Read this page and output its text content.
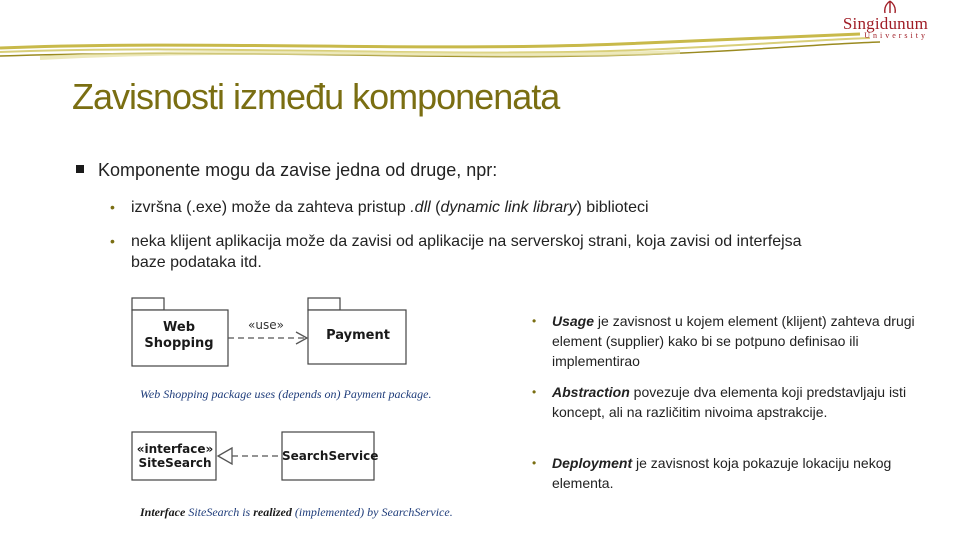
Singidunum
University
Zavisnosti između komponenata
Komponente mogu da zavise jedna od druge, npr:
• izvršna (.exe) može da zahteva pristup .dll (dynamic link library) biblioteci
• neka klijent aplikacija može da zavisi od aplikacije na serverskoj strani, koja zavisi od interfejsa baze podataka itd.
Web
Shopping
Payment
«use»
Web Shopping package uses (depends on) Payment package.
«interface»
SiteSearch	SearchService
Interface SiteSearch is realized (implemented) by SearchService.
• Usage je zavisnost u kojem element (klijent) zahteva drugi element (supplier) kako bi se potpuno definisao ili implementirao
• Abstraction povezuje dva elementa koji predstavljaju isti koncept, ali na različitim nivoima apstrakcije.
• Deployment je zavisnost koja pokazuje lokaciju nekog elementa.
